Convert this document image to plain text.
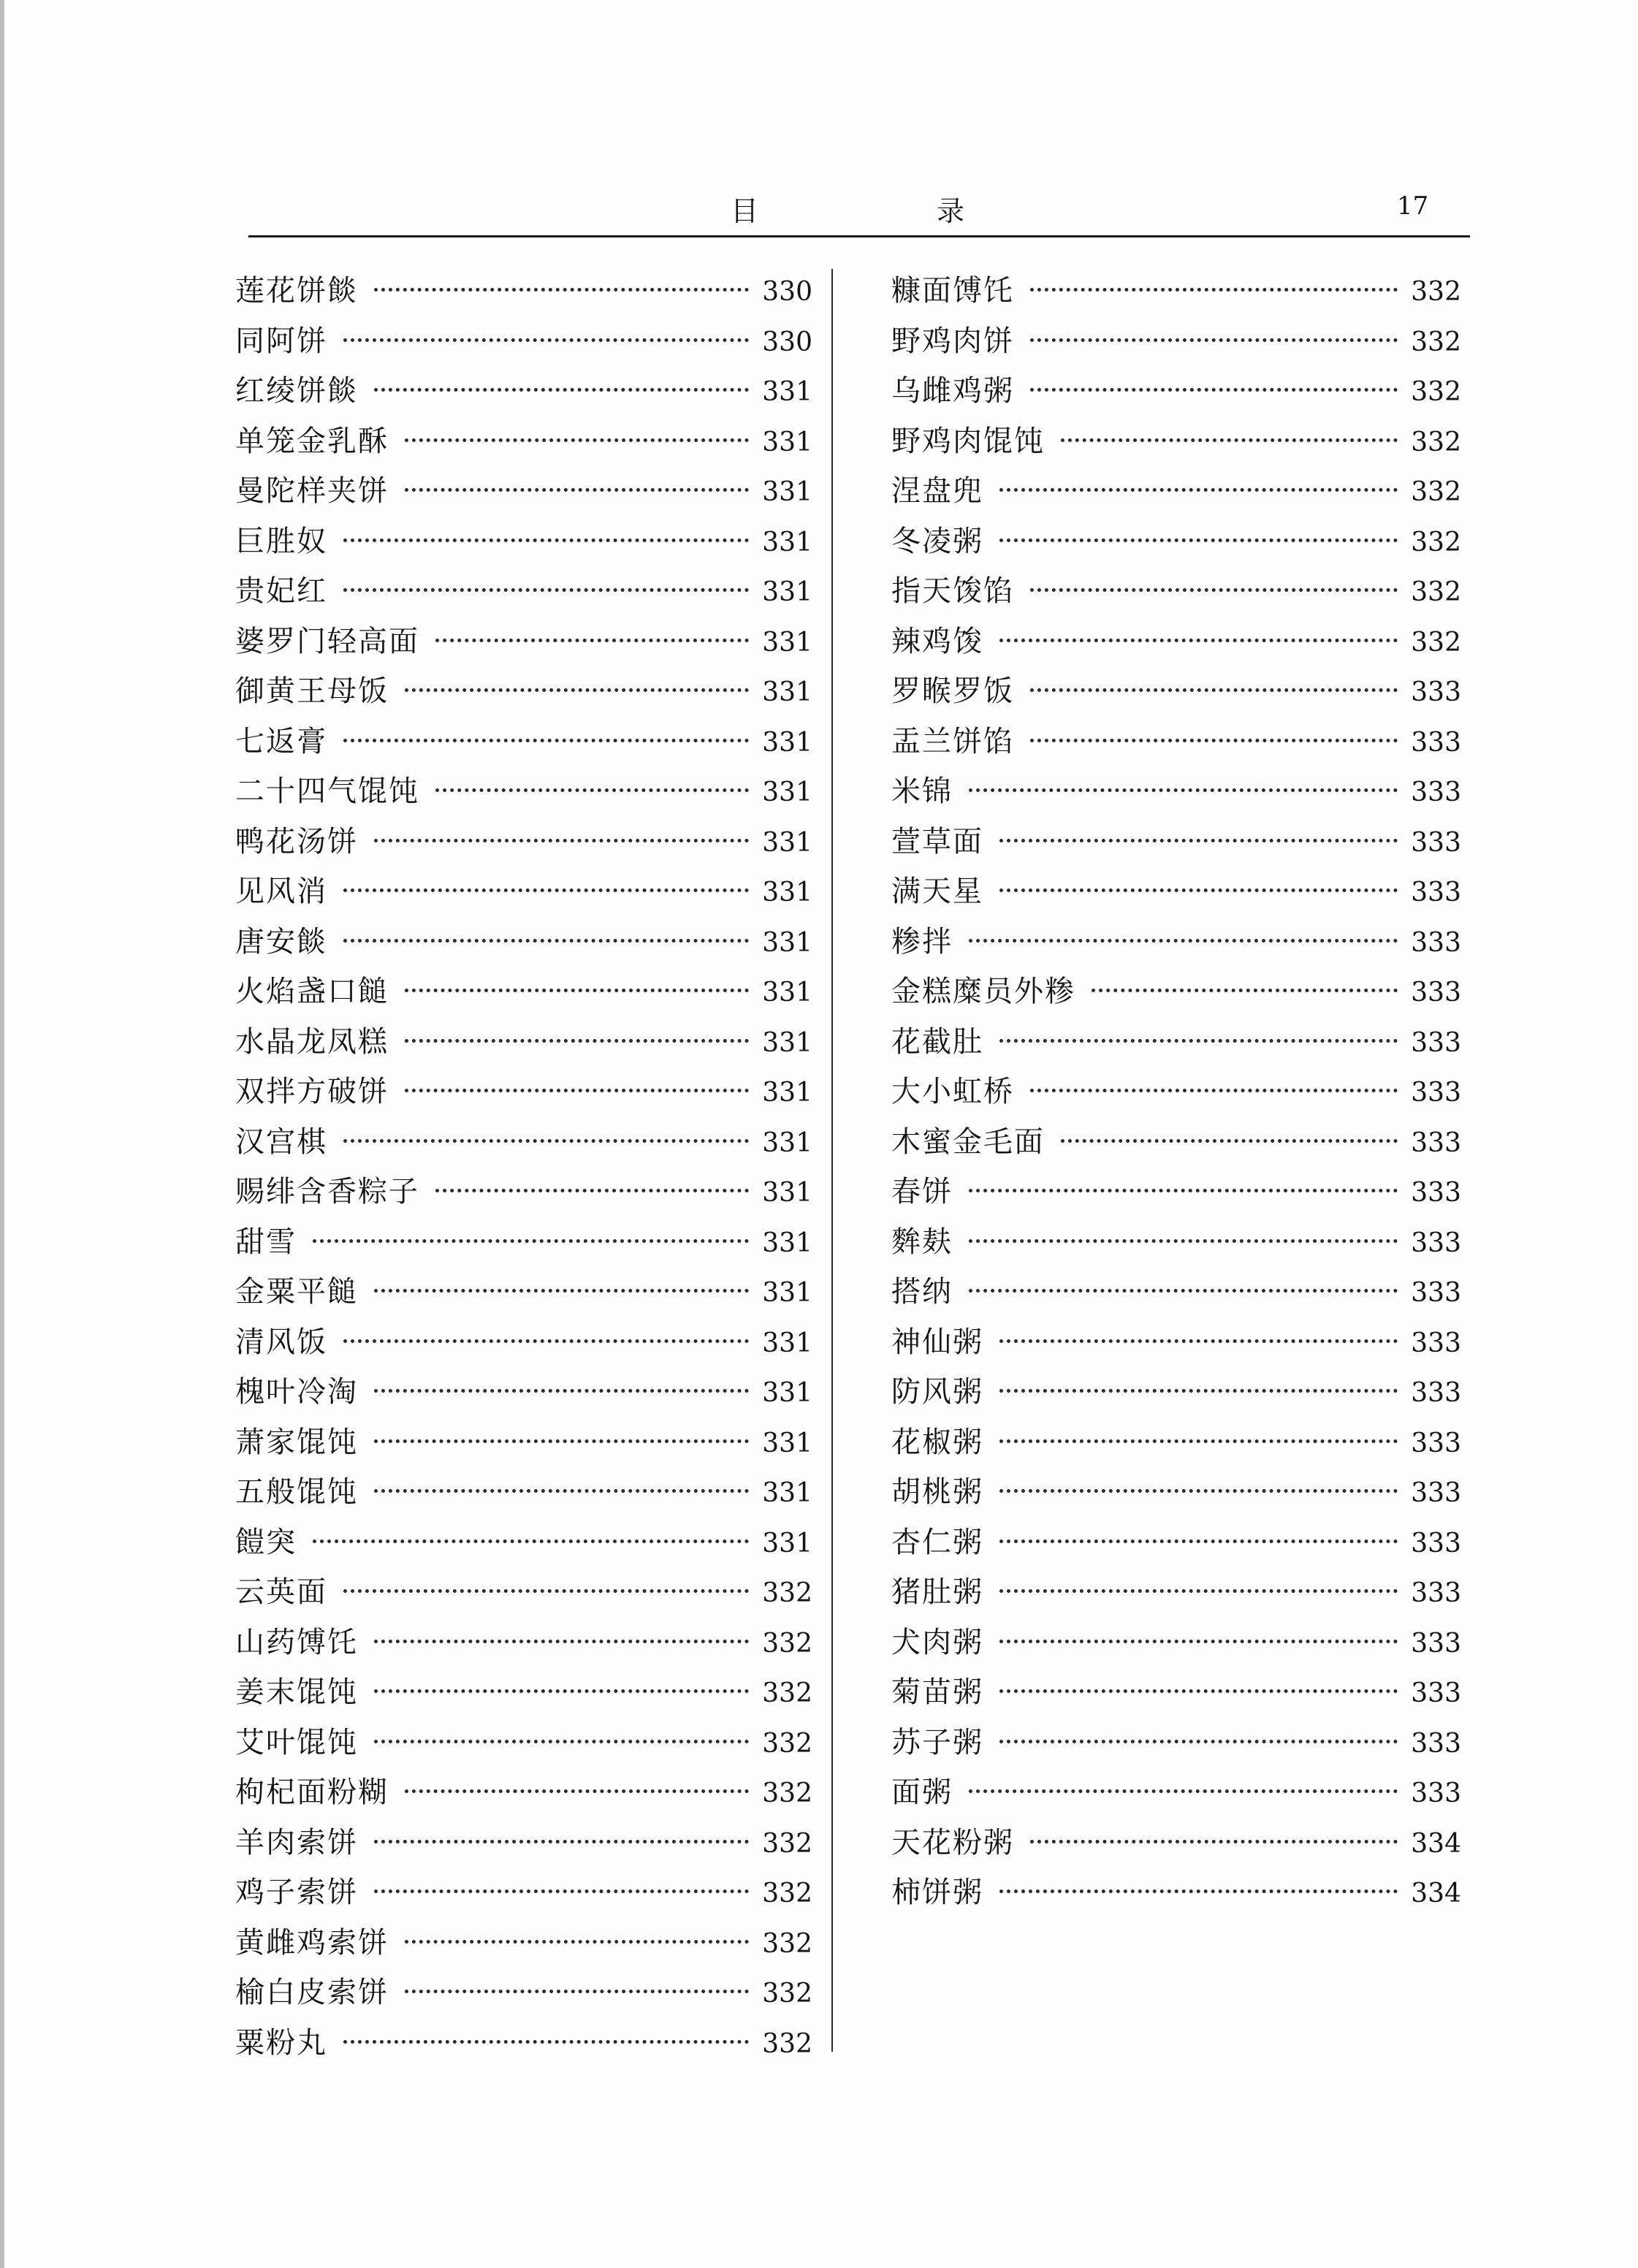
目	录	17
莲花饼餤	330
同阿饼	330
红绫饼餤	331
单笼金乳酥	331
曼陀样夹饼	331
巨胜奴	331
贵妃红	331
婆罗门轻高面	331
御黄王母饭	331
七返膏	331
二十四气馄饨	331
鸭花汤饼	331
见风消	331
唐安餤	331
火焰盏口䭔	331
水晶龙凤糕	331
双拌方破饼	331
汉宫棋	331
赐绯含香粽子	331
甜雪	331
金粟平䭔	331
清风饭	331
槐叶冷淘	331
萧家馄饨	331
五般馄饨	331
䭓突	331
云英面	332
山药馎饦	332
姜末馄饨	332
艾叶馄饨	332
枸杞面粉糊	332
羊肉索饼	332
鸡子索饼	332
黄雌鸡索饼	332
榆白皮索饼	332
粟粉丸	332
糠面馎饦	332
野鸡肉饼	332
乌雌鸡粥	332
野鸡肉馄饨	332
涅盘兜	332
冬凌粥	332
指天馂馅	332
辣鸡馂	332
罗睺罗饭	333
盂兰饼馅	333
米锦	333
萱草面	333
满天星	333
糁拌	333
金糕糜员外糁	333
花截肚	333
大小虹桥	333
木蜜金毛面	333
春饼	333
麰麸	333
搭纳	333
神仙粥	333
防风粥	333
花椒粥	333
胡桃粥	333
杏仁粥	333
猪肚粥	333
犬肉粥	333
菊苗粥	333
苏子粥	333
面粥	333
天花粉粥	334
柿饼粥	334
